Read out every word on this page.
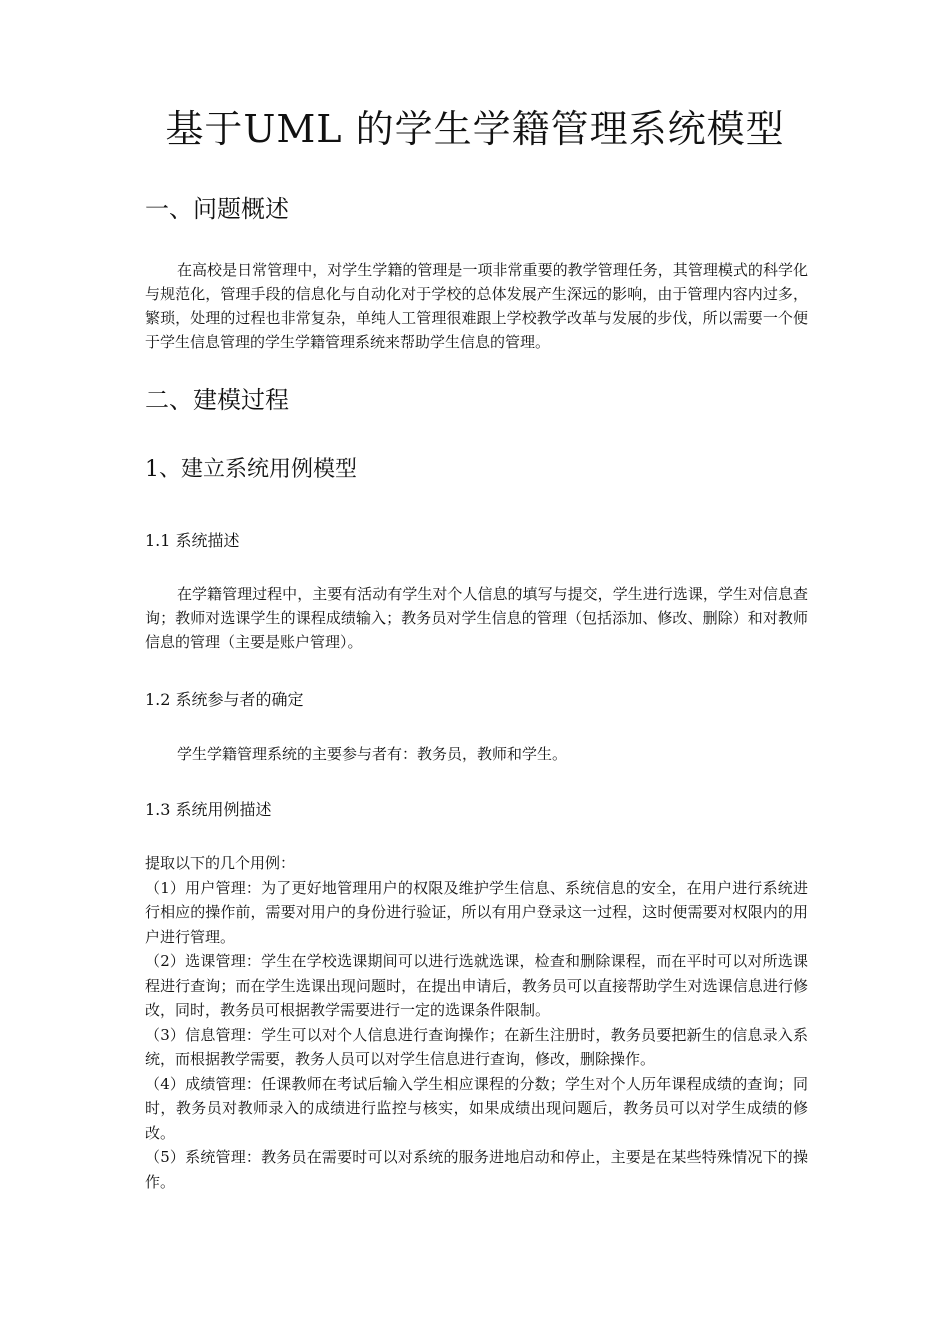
基于UML 的学生学籍管理系统模型
一、问题概述

在高校是日常管理中，对学生学籍的管理是一项非常重要的教学管理任务，其管理模式的科学化与规范化，管理手段的信息化与自动化对于学校的总体发展产生深远的影响，由于管理内容内过多，繁琐，处理的过程也非常复杂，单纯人工管理很难跟上学校教学改革与发展的步伐，所以需要一个便于学生信息管理的学生学籍管理系统来帮助学生信息的管理。

二、建模过程
1、建立系统用例模型
1.1 系统描述

在学籍管理过程中，主要有活动有学生对个人信息的填写与提交，学生进行选课，学生对信息查询；教师对选课学生的课程成绩输入；教务员对学生信息的管理（包括添加、修改、删除）和对教师信息的管理（主要是账户管理）。

1.2 系统参与者的确定

学生学籍管理系统的主要参与者有：教务员，教师和学生。

1.3 系统用例描述

提取以下的几个用例：

（1）用户管理：为了更好地管理用户的权限及维护学生信息、系统信息的安全，在用户进行系统进行相应的操作前，需要对用户的身份进行验证，所以有用户登录这一过程，这时便需要对权限内的用户进行管理。

（2）选课管理：学生在学校选课期间可以进行选就选课，检查和删除课程，而在平时可以对所选课程进行查询；而在学生选课出现问题时，在提出申请后，教务员可以直接帮助学生对选课信息进行修改，同时，教务员可根据教学需要进行一定的选课条件限制。

（3）信息管理：学生可以对个人信息进行查询操作；在新生注册时，教务员要把新生的信息录入系统，而根据教学需要，教务人员可以对学生信息进行查询，修改，删除操作。

（4）成绩管理：任课教师在考试后输入学生相应课程的分数；学生对个人历年课程成绩的查询；同时，教务员对教师录入的成绩进行监控与核实，如果成绩出现问题后，教务员可以对学生成绩的修改。

（5）系统管理：教务员在需要时可以对系统的服务进地启动和停止，主要是在某些特殊情况下的操作。
